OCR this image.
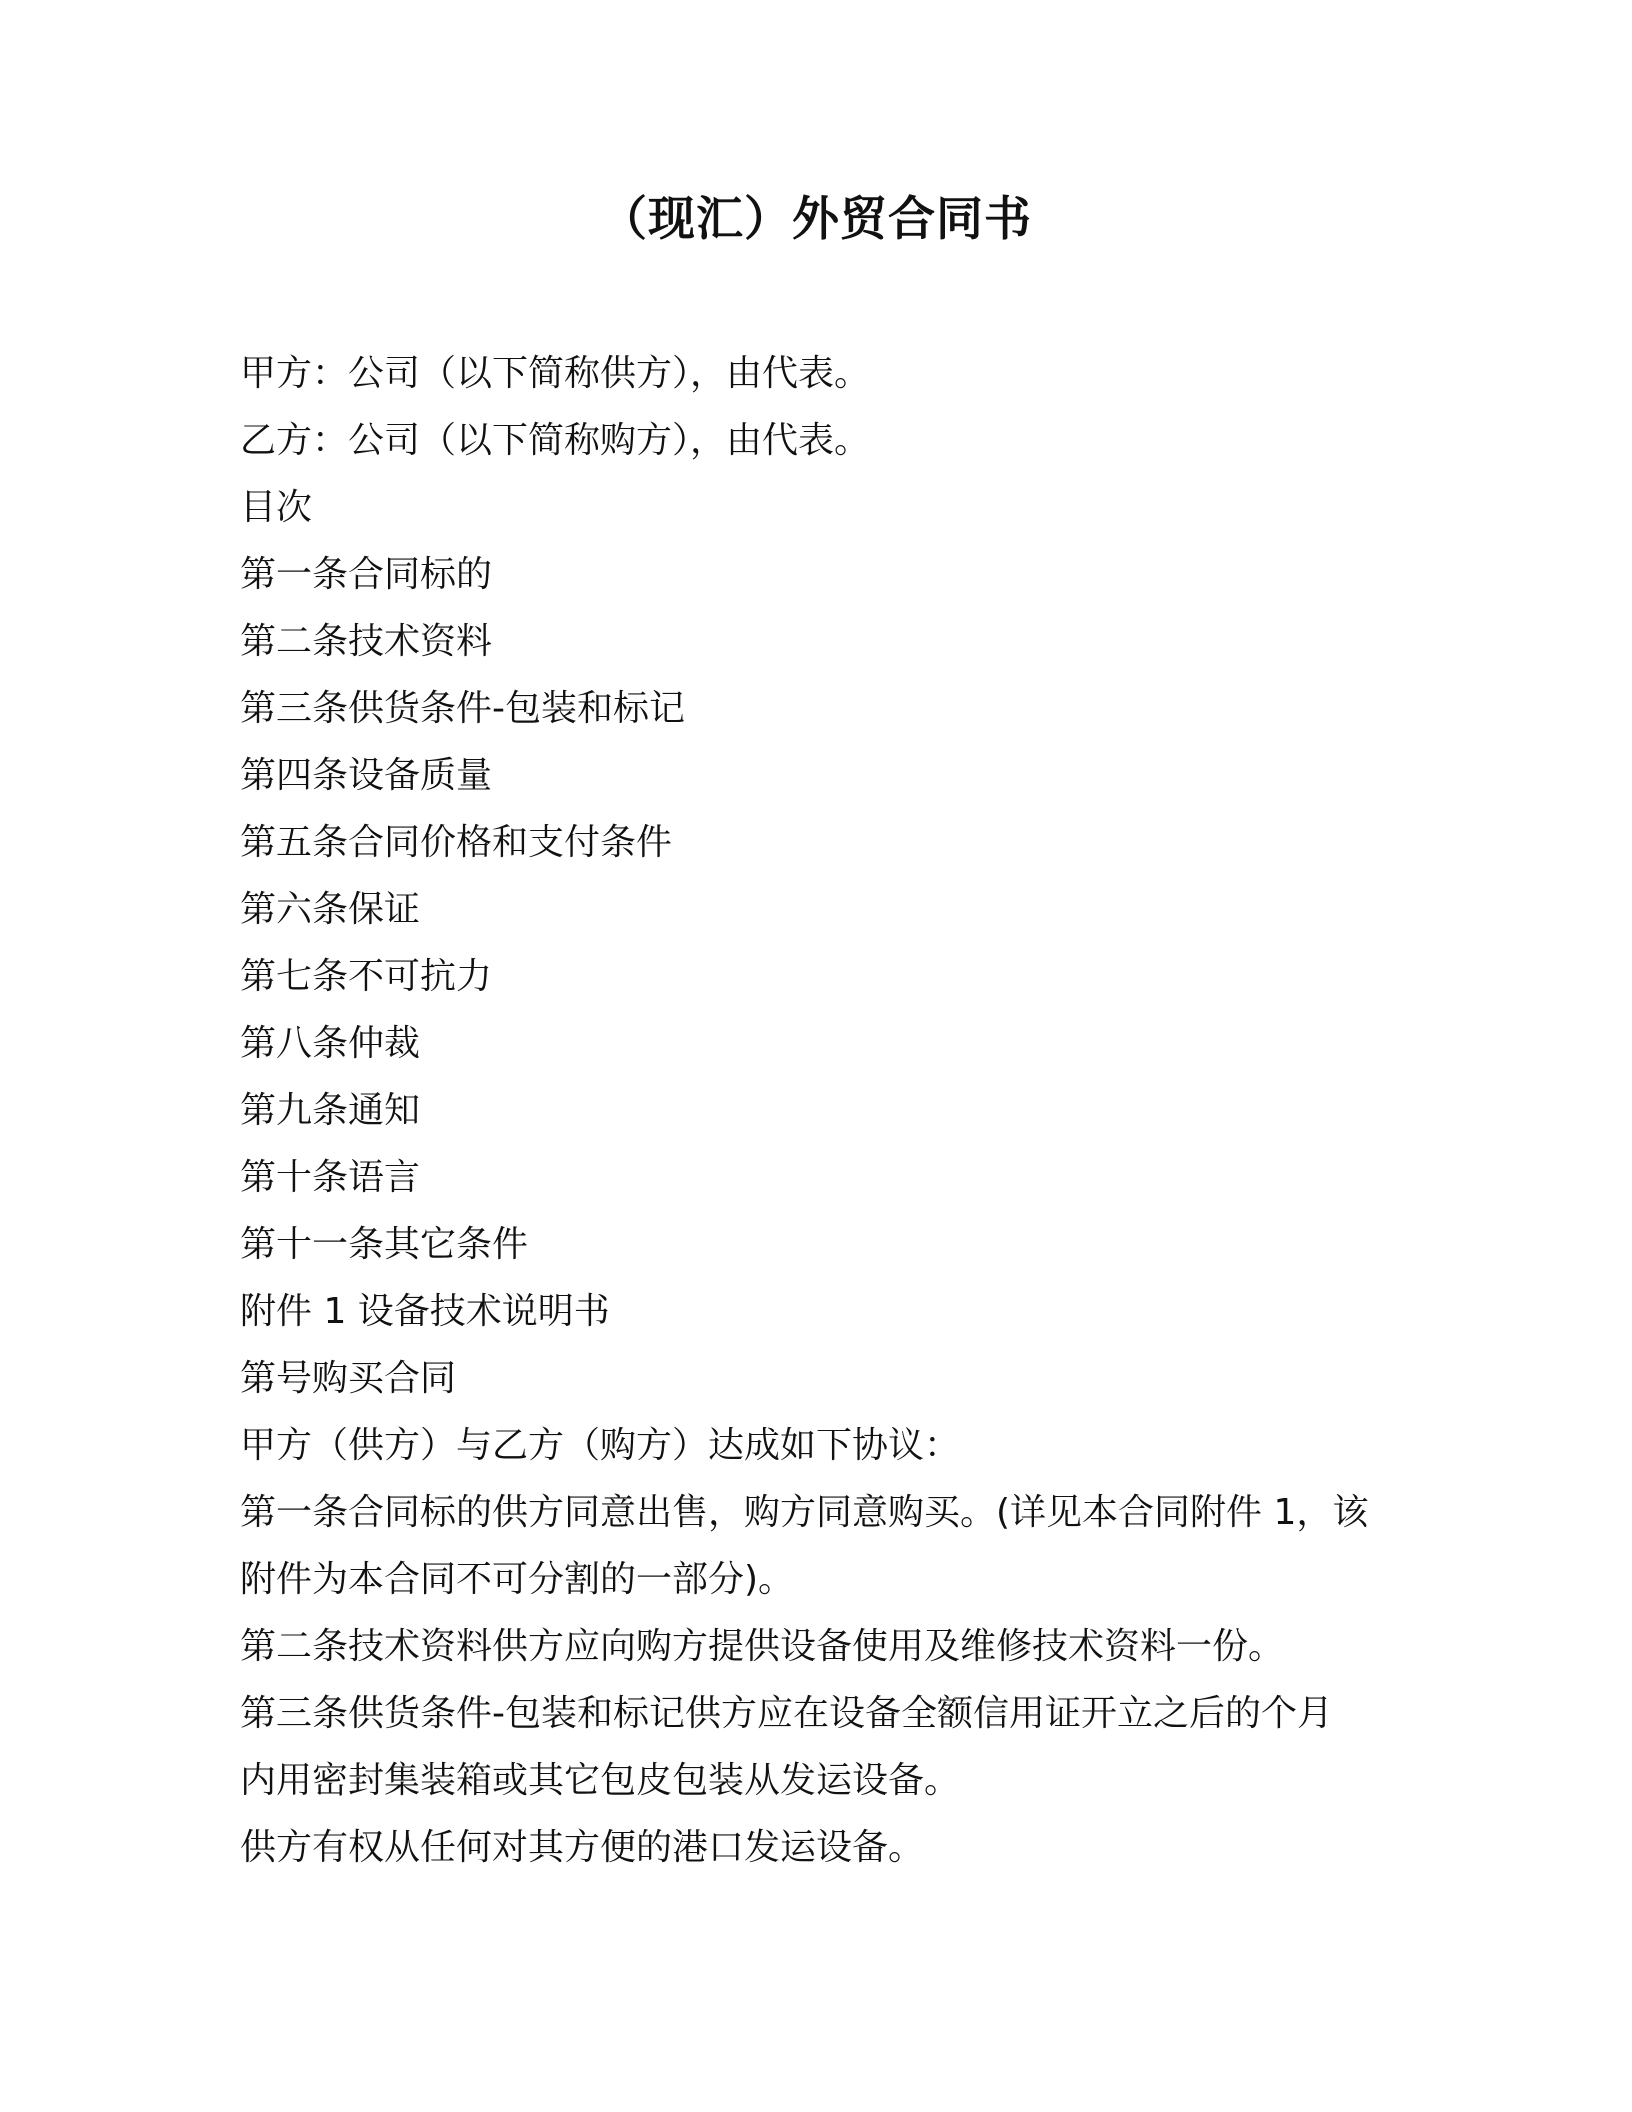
（现汇）外贸合同书
甲方：公司（以下简称供方），由代表。
乙方：公司（以下简称购方），由代表。
目次
第一条合同标的
第二条技术资料
第三条供货条件-包装和标记
第四条设备质量
第五条合同价格和支付条件
第六条保证
第七条不可抗力
第八条仲裁
第九条通知
第十条语言
第十一条其它条件
附件 1 设备技术说明书
第号购买合同
甲方（供方）与乙方（购方）达成如下协议：
第一条合同标的供方同意出售，购方同意购买。(详见本合同附件 1，该
附件为本合同不可分割的一部分)。
第二条技术资料供方应向购方提供设备使用及维修技术资料一份。
第三条供货条件-包装和标记供方应在设备全额信用证开立之后的个月
内用密封集装箱或其它包皮包装从发运设备。
供方有权从任何对其方便的港口发运设备。
